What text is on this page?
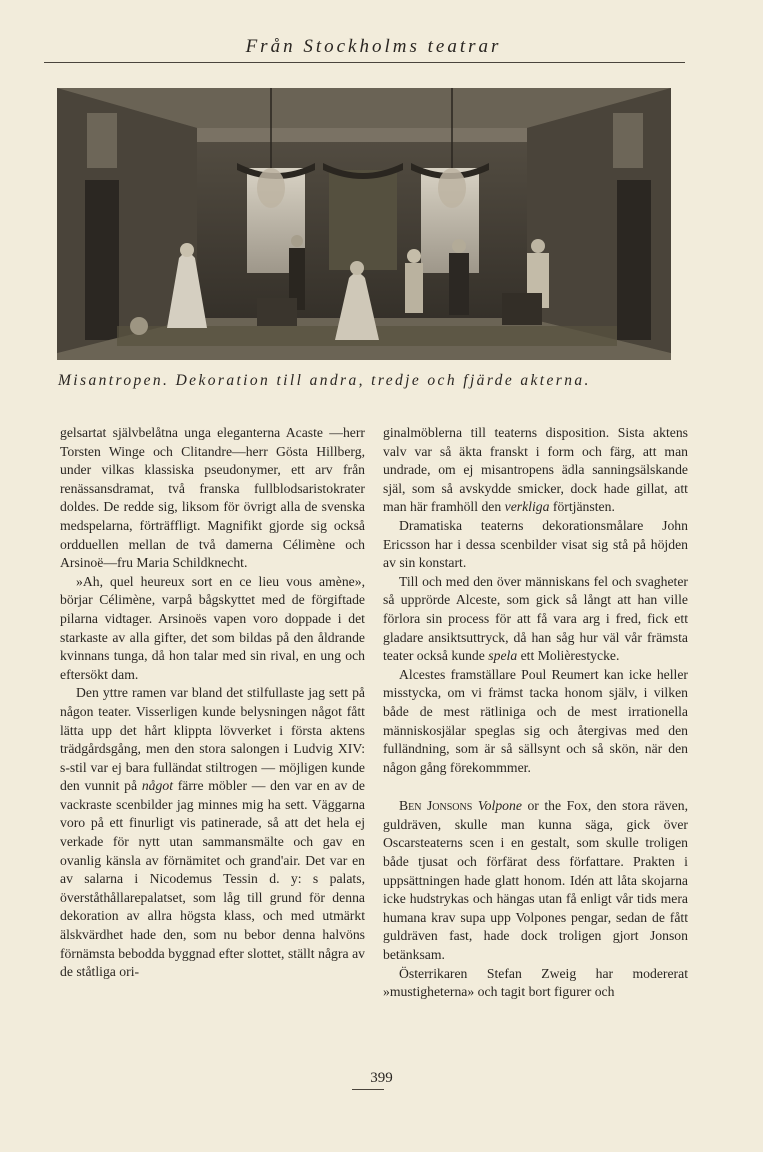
Från Stockholms teatrar
Misantropen. Dekoration till andra, tredje och fjärde akterna.

gelsartat självbelåtna unga eleganterna Acaste —herr Torsten Winge och Clitandre—herr Gösta Hillberg, under vilkas klassiska pseudonymer, ett arv från renässansdramat, två franska fullblodsaristokrater doldes. De redde sig, liksom för övrigt alla de svenska medspelarna, förträffligt. Magnifikt gjorde sig också ordduellen mellan de två damerna Célimène och Arsinoë—fru Maria Schildknecht.

»Ah, quel heureux sort en ce lieu vous amène», börjar Célimène, varpå bågskyttet med de förgiftade pilarna vidtager. Arsinoës vapen voro doppade i det starkaste av alla gifter, det som bildas på den åldrande kvinnans tunga, då hon talar med sin rival, en ung och eftersökt dam.

Den yttre ramen var bland det stilfullaste jag sett på någon teater. Visserligen kunde belysningen något fått lätta upp det hårt klippta lövverket i första aktens trädgårdsgång, men den stora salongen i Ludvig XIV: s-stil var ej bara fulländat stiltrogen — möjligen kunde den vunnit på något färre möbler — den var en av de vackraste scenbilder jag minnes mig ha sett. Väggarna voro på ett finurligt vis patinerade, så att det hela ej verkade för nytt utan sammansmälte och gav en ovanlig känsla av förnämitet och grand'air. Det var en av salarna i Nicodemus Tessin d. y: s palats, överståthållarepalatset, som låg till grund för denna dekoration av allra högsta klass, och med utmärkt älskvärdhet hade den, som nu bebor denna halvöns förnämsta bebodda byggnad efter slottet, ställt några av de ståtliga ori-

ginalmöblerna till teaterns disposition. Sista aktens valv var så äkta franskt i form och färg, att man undrade, om ej misantropens ädla sanningsälskande själ, som så avskydde smicker, dock hade gillat, att man här framhöll den verkliga förtjänsten.

Dramatiska teaterns dekorationsmålare John Ericsson har i dessa scenbilder visat sig stå på höjden av sin konstart.

Till och med den över människans fel och svagheter så upprörde Alceste, som gick så långt att han ville förlora sin process för att få vara arg i fred, fick ett gladare ansiktsuttryck, då han såg hur väl vår främsta teater också kunde spela ett Molièrestycke.

Alcestes framställare Poul Reumert kan icke heller misstycka, om vi främst tacka honom själv, i vilken både de mest rätliniga och de mest irrationella människosjälar speglas sig och återgivas med den fulländning, som är så sällsynt och så skön, när den någon gång förekommmer.

Ben Jonsons Volpone or the Fox, den stora räven, guldräven, skulle man kunna säga, gick över Oscarsteaterns scen i en gestalt, som skulle troligen både tjusat och förfärat dess författare. Prakten i uppsättningen hade glatt honom. Idén att låta skojarna icke hudstrykas och hängas utan få enligt vår tids mera humana krav supa upp Volpones pengar, sedan de fått guldräven fast, hade dock troligen gjort Jonson betänksam.

Österrikaren Stefan Zweig har modererat »mustigheterna» och tagit bort figurer och

399
